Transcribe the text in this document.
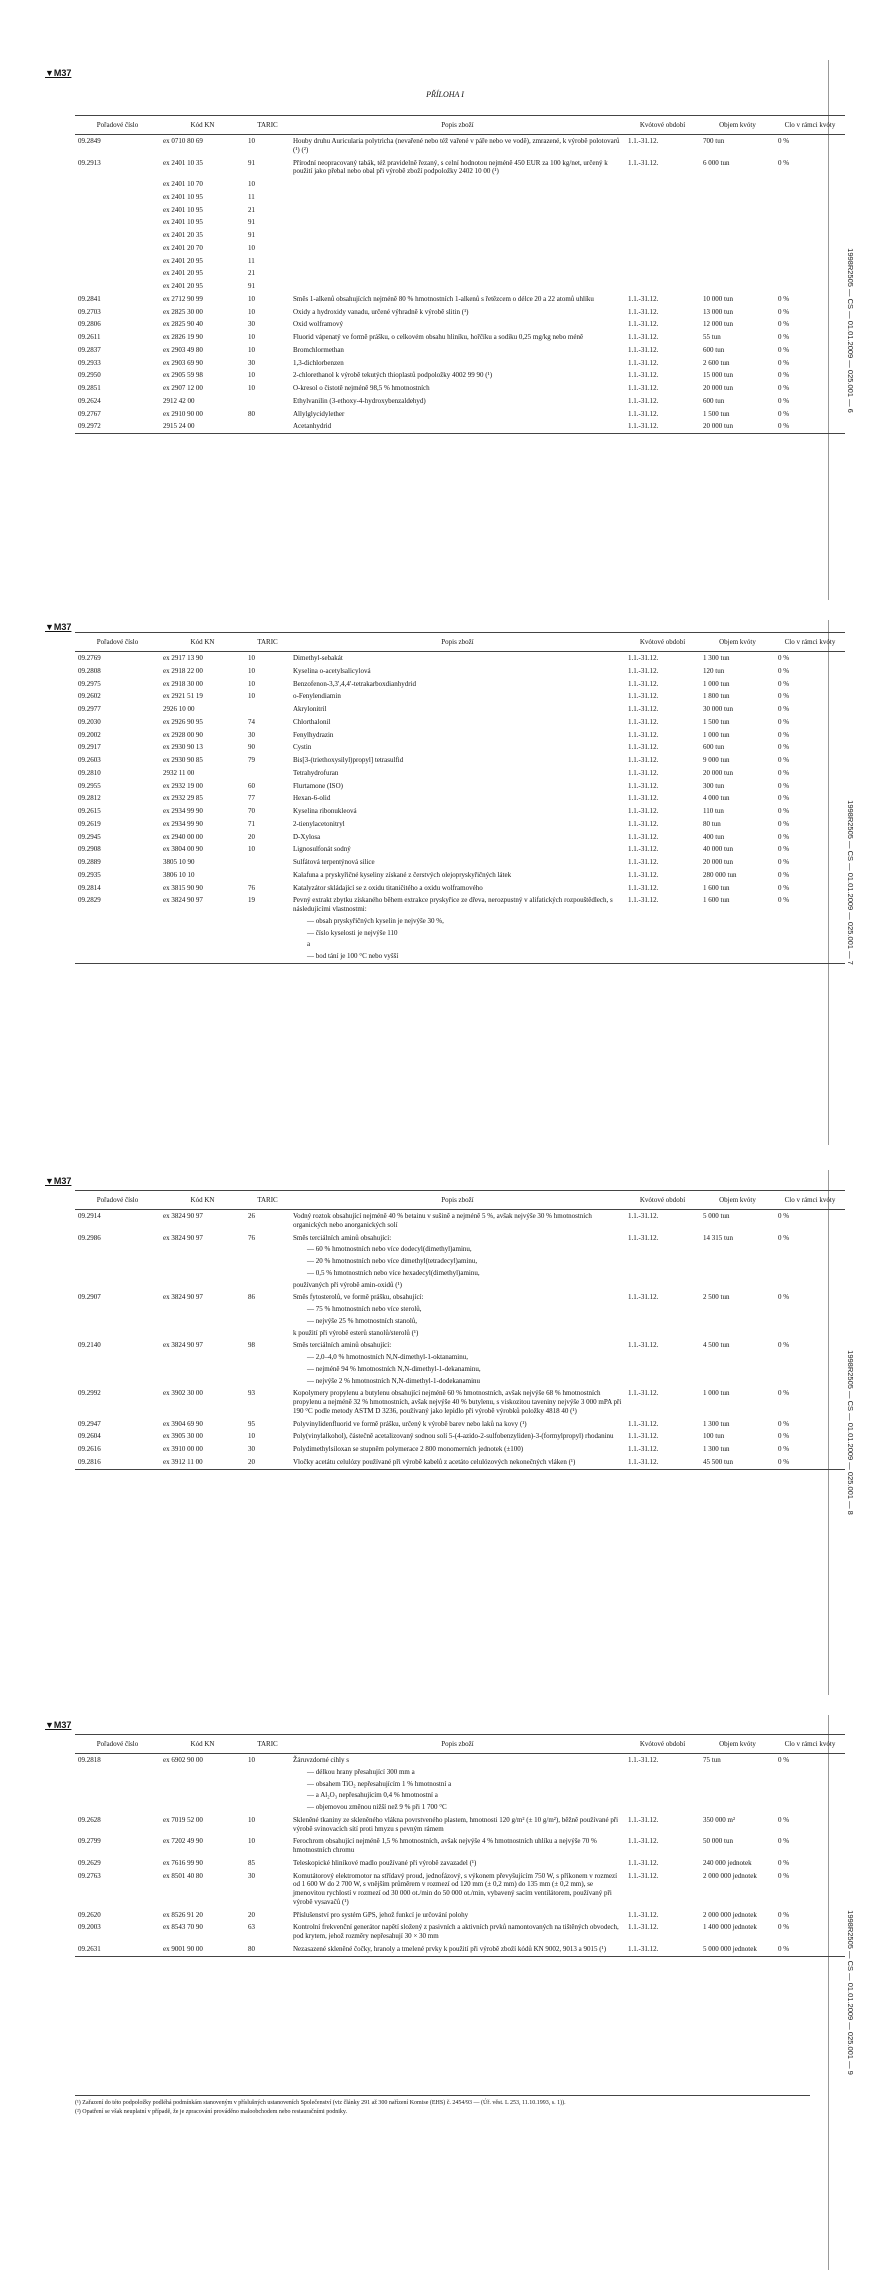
▼M37
PŘÍLOHA I
1998R2505 — CS — 01.01.2009 — 025.001 — 6
Pořadové číslo	Kód KN	TARIC	Popis zboží	Kvótové období	Objem kvóty	Clo v rámci kvóty
09.2849	ex 0710 80 69	10	Houby druhu Auricularia polytricha (nevařené nebo též vařené v páře nebo ve vodě), zmrazené, k výrobě polotovarů (¹) (²)	1.1.-31.12.	700 tun	0 %
09.2913	ex 2401 10 35	91	Přírodní neopracovaný tabák, též pravidelně řezaný, s celní hodnotou nejméně 450 EUR za 100 kg/net, určený k použití jako přebal nebo obal při výrobě zboží podpoložky 2402 10 00 (¹)	1.1.-31.12.	6 000 tun	0 %
	ex 2401 10 70	10				
	ex 2401 10 95	11				
	ex 2401 10 95	21				
	ex 2401 10 95	91				
	ex 2401 20 35	91				
	ex 2401 20 70	10				
	ex 2401 20 95	11				
	ex 2401 20 95	21				
	ex 2401 20 95	91				
09.2841	ex 2712 90 99	10	Směs 1-alkenů obsahujících nejméně 80 % hmotnostních 1-alkenů s řetězcem o délce 20 a 22 atomů uhlíku	1.1.-31.12.	10 000 tun	0 %
09.2703	ex 2825 30 00	10	Oxidy a hydroxidy vanadu, určené výhradně k výrobě slitin (¹)	1.1.-31.12.	13 000 tun	0 %
09.2806	ex 2825 90 40	30	Oxid wolframový	1.1.-31.12.	12 000 tun	0 %
09.2611	ex 2826 19 90	10	Fluorid vápenatý ve formě prášku, o celkovém obsahu hliníku, hořčíku a sodíku 0,25 mg/kg nebo méně	1.1.-31.12.	55 tun	0 %
09.2837	ex 2903 49 80	10	Bromchlormethan	1.1.-31.12.	600 tun	0 %
09.2933	ex 2903 69 90	30	1,3-dichlorbenzen	1.1.-31.12.	2 600 tun	0 %
09.2950	ex 2905 59 98	10	2-chlorethanol k výrobě tekutých thioplastů podpoložky 4002 99 90 (¹)	1.1.-31.12.	15 000 tun	0 %
09.2851	ex 2907 12 00	10	O-kresol o čistotě nejméně 98,5 % hmotnostních	1.1.-31.12.	20 000 tun	0 %
09.2624	2912 42 00		Ethylvanilin (3-ethoxy-4-hydroxybenzaldehyd)	1.1.-31.12.	600 tun	0 %
09.2767	ex 2910 90 00	80	Allylglycidylether	1.1.-31.12.	1 500 tun	0 %
09.2972	2915 24 00		Acetanhydrid	1.1.-31.12.	20 000 tun	0 %
▼M37
1998R2505 — CS — 01.01.2009 — 025.001 — 7
Pořadové číslo	Kód KN	TARIC	Popis zboží	Kvótové období	Objem kvóty	Clo v rámci kvóty
09.2769	ex 2917 13 90	10	Dimethyl-sebakát	1.1.-31.12.	1 300 tun	0 %
09.2808	ex 2918 22 00	10	Kyselina o-acetylsalicylová	1.1.-31.12.	120 tun	0 %
09.2975	ex 2918 30 00	10	Benzofenon-3,3′,4,4′-tetrakarboxdianhydrid	1.1.-31.12.	1 000 tun	0 %
09.2602	ex 2921 51 19	10	o-Fenylendiamin	1.1.-31.12.	1 800 tun	0 %
09.2977	2926 10 00		Akrylonitril	1.1.-31.12.	30 000 tun	0 %
09.2030	ex 2926 90 95	74	Chlorthalonil	1.1.-31.12.	1 500 tun	0 %
09.2002	ex 2928 00 90	30	Fenylhydrazin	1.1.-31.12.	1 000 tun	0 %
09.2917	ex 2930 90 13	90	Cystin	1.1.-31.12.	600 tun	0 %
09.2603	ex 2930 90 85	79	Bis[3-(triethoxysilyl)propyl] tetrasulfid	1.1.-31.12.	9 000 tun	0 %
09.2810	2932 11 00		Tetrahydrofuran	1.1.-31.12.	20 000 tun	0 %
09.2955	ex 2932 19 00	60	Flurtamone (ISO)	1.1.-31.12.	300 tun	0 %
09.2812	ex 2932 29 85	77	Hexan-6-olid	1.1.-31.12.	4 000 tun	0 %
09.2615	ex 2934 99 90	70	Kyselina ribonukleová	1.1.-31.12.	110 tun	0 %
09.2619	ex 2934 99 90	71	2-tienylacetonitryl	1.1.-31.12.	80 tun	0 %
09.2945	ex 2940 00 00	20	D-Xylosa	1.1.-31.12.	400 tun	0 %
09.2908	ex 3804 00 90	10	Lignosulfonát sodný	1.1.-31.12.	40 000 tun	0 %
09.2889	3805 10 90		Sulfátová terpentýnová silice	1.1.-31.12.	20 000 tun	0 %
09.2935	3806 10 10		Kalafuna a pryskyřičné kyseliny získané z čerstvých olejopryskyřičných látek	1.1.-31.12.	280 000 tun	0 %
09.2814	ex 3815 90 90	76	Katalyzátor skládající se z oxidu titaničitého a oxidu wolframového	1.1.-31.12.	1 600 tun	0 %
09.2829	ex 3824 90 97	19	Pevný extrakt zbytku získaného během extrakce pryskyřice ze dřeva, nerozpustný v alifatických rozpouštědlech, s následujícími vlastnostmi:
— obsah pryskyřičných kyselin je nejvýše 30 %,
— číslo kyselosti je nejvýše 110
a
— bod tání je 100 °C nebo vyšší	1.1.-31.12.	1 600 tun	0 %
▼M37
1998R2505 — CS — 01.01.2009 — 025.001 — 8
Pořadové číslo	Kód KN	TARIC	Popis zboží	Kvótové období	Objem kvóty	Clo v rámci kvóty
09.2914	ex 3824 90 97	26	Vodný roztok obsahující nejméně 40 % betainu v sušině a nejméně 5 %, avšak nejvýše 30 % hmotnostních organických nebo anorganických solí	1.1.-31.12.	5 000 tun	0 %
09.2986	ex 3824 90 97	76	Směs terciálních aminů obsahující:
— 60 % hmotnostních nebo více dodecyl(dimethyl)aminu,
— 20 % hmotnostních nebo více dimethyl(tetradecyl)aminu,
— 0,5 % hmotnostních nebo více hexadecyl(dimethyl)aminu,
používaných při výrobě amin-oxidů (¹)	1.1.-31.12.	14 315 tun	0 %
09.2907	ex 3824 90 97	86	Směs fytosterolů, ve formě prášku, obsahující:
— 75 % hmotnostních nebo více sterolů,
— nejvýše 25 % hmotnostních stanolů,
k použití při výrobě esterů stanolů/sterolů (¹)	1.1.-31.12.	2 500 tun	0 %
09.2140	ex 3824 90 97	98	Směs terciálních aminů obsahující:
— 2,0–4,0 % hmotnostních N,N-dimethyl-1-oktanaminu,
— nejméně 94 % hmotnostních N,N-dimethyl-1-dekanaminu,
— nejvýše 2 % hmotnostních N,N-dimethyl-1-dodekanaminu	1.1.-31.12.	4 500 tun	0 %
09.2992	ex 3902 30 00	93	Kopolymery propylenu a butylenu obsahující nejméně 60 % hmotnostních, avšak nejvýše 68 % hmotnostních propylenu a nejméně 32 % hmotnostních, avšak nejvýše 40 % butylenu, s viskozitou taveniny nejvýše 3 000 mPA při 190 °C podle metody ASTM D 3236, používaný jako lepidlo při výrobě výrobků položky 4818 40 (¹)	1.1.-31.12.	1 000 tun	0 %
09.2947	ex 3904 69 90	95	Polyvinylidenfluorid ve formě prášku, určený k výrobě barev nebo laků na kovy (¹)	1.1.-31.12.	1 300 tun	0 %
09.2604	ex 3905 30 00	10	Poly(vinylalkohol), částečně acetalizovaný sodnou solí 5-(4-azido-2-sulfobenzyliden)-3-(formylpropyl) rhodaninu	1.1.-31.12.	100 tun	0 %
09.2616	ex 3910 00 00	30	Polydimethylsiloxan se stupněm polymerace 2 800 monomerních jednotek (±100)	1.1.-31.12.	1 300 tun	0 %
09.2816	ex 3912 11 00	20	Vločky acetátu celulózy používané při výrobě kabelů z acetáto celulózových nekonečných vláken (¹)	1.1.-31.12.	45 500 tun	0 %
▼M37
1998R2505 — CS — 01.01.2009 — 025.001 — 9
Pořadové číslo	Kód KN	TARIC	Popis zboží	Kvótové období	Objem kvóty	Clo v rámci kvóty
09.2818	ex 6902 90 00	10	Žáruvzdorné cihly s
— délkou hrany přesahující 300 mm a
— obsahem TiO₂ nepřesahujícím 1 % hmotnostní a
— a Al₂O₃ nepřesahujícím 0,4 % hmotnostní a
— objemovou změnou nižší než 9 % při 1 700 °C	1.1.-31.12.	75 tun	0 %
09.2628	ex 7019 52 00	10	Skleněné tkaniny ze skleněného vlákna povrstveného plastem, hmotnosti 120 g/m² (± 10 g/m²), běžně používané při výrobě svinovacích sítí proti hmyzu s pevným rámem	1.1.-31.12.	350 000 m²	0 %
09.2799	ex 7202 49 90	10	Ferochrom obsahující nejméně 1,5 % hmotnostních, avšak nejvýše 4 % hmotnostních uhlíku a nejvýše 70 % hmotnostních chromu	1.1.-31.12.	50 000 tun	0 %
09.2629	ex 7616 99 90	85	Teleskopické hliníkové madlo používané při výrobě zavazadel (¹)	1.1.-31.12.	240 000 jednotek	0 %
09.2763	ex 8501 40 80	30	Komutátorový elektromotor na střídavý proud, jednofázový, s výkonem převyšujícím 750 W, s příkonem v rozmezí od 1 600 W do 2 700 W, s vnějším průměrem v rozmezí od 120 mm (± 0,2 mm) do 135 mm (± 0,2 mm), se jmenovitou rychlostí v rozmezí od 30 000 ot./min do 50 000 ot./min, vybavený sacím ventilátorem, používaný při výrobě vysavačů (¹)	1.1.-31.12.	2 000 000 jednotek	0 %
09.2620	ex 8526 91 20	20	Příslušenství pro systém GPS, jehož funkcí je určování polohy	1.1.-31.12.	2 000 000 jednotek	0 %
09.2003	ex 8543 70 90	63	Kontrolní frekvenční generátor napětí složený z pasivních a aktivních prvků namontovaných na tištěných obvodech, pod krytem, jehož rozměry nepřesahují 30 × 30 mm	1.1.-31.12.	1 400 000 jednotek	0 %
09.2631	ex 9001 90 00	80	Nezasazené skleněné čočky, hranoly a tmelené prvky k použití při výrobě zboží kódů KN 9002, 9013 a 9015 (¹)	1.1.-31.12.	5 000 000 jednotek	0 %

(¹) Zařazení do této podpoložky podléhá podmínkám stanoveným v příslušných ustanoveních Společenství (viz články 291 až 300 nařízení Komise (EHS) č. 2454/93 — (Úř. věst. L 253, 11.10.1993, s. 1)).

(²) Opatření se však neuplatní v případě, že je zpracování prováděno maloobchodem nebo restauračními podniky.
